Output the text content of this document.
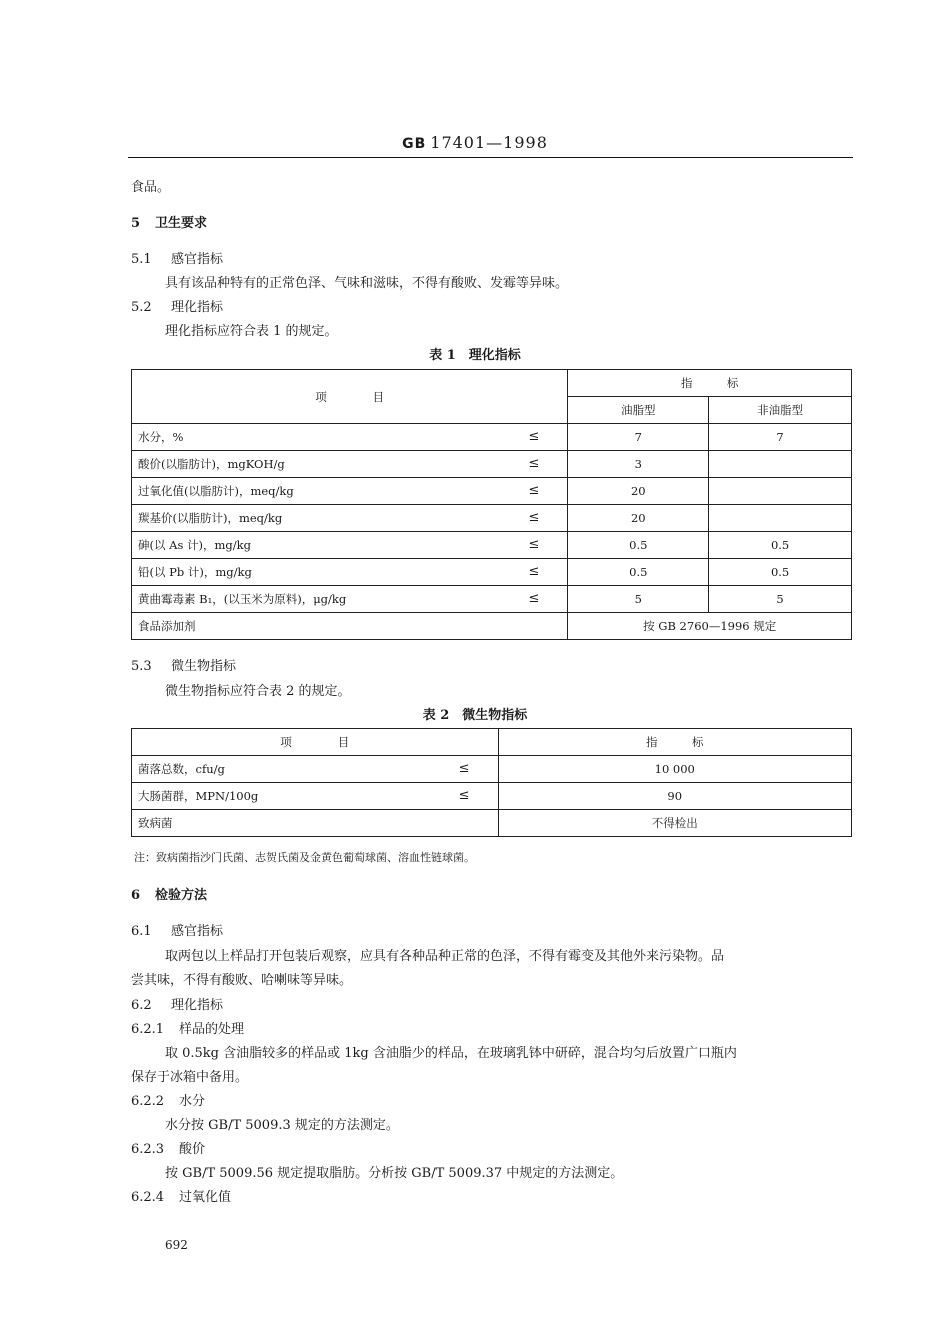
GB 17401—1998
食品。
5 卫生要求
5.1 感官指标
具有该品种特有的正常色泽、气味和滋味，不得有酸败、发霉等异味。
5.2 理化指标
理化指标应符合表 1 的规定。
表 1　理化指标
项　　　　目	指　　　标	
	油脂型	非油脂型
水分，% ≤	7	7
酸价(以脂肪计)，mgKOH/g ≤	3	
过氧化值(以脂肪计)，meq/kg ≤	20	
羰基价(以脂肪计)，meq/kg ≤	20	
砷(以 As 计)，mg/kg ≤	0.5	0.5
铅(以 Pb 计)，mg/kg ≤	0.5	0.5
黄曲霉毒素 B₁，(以玉米为原料)，μg/kg ≤	5	5
食品添加剂	按 GB 2760—1996 规定	
5.3 微生物指标
微生物指标应符合表 2 的规定。
表 2　微生物指标
项　　　　目	指　　　标
菌落总数，cfu/g ≤	10 000
大肠菌群，MPN/100g ≤	90
致病菌	不得检出
注：致病菌指沙门氏菌、志贺氏菌及金黄色葡萄球菌、溶血性链球菌。
6 检验方法
6.1 感官指标
取两包以上样品打开包装后观察，应具有各种品种正常的色泽，不得有霉变及其他外来污染物。品
尝其味，不得有酸败、哈喇味等异味。
6.2 理化指标
6.2.1 样品的处理
取 0.5kg 含油脂较多的样品或 1kg 含油脂少的样品，在玻璃乳钵中研碎，混合均匀后放置广口瓶内
保存于冰箱中备用。
6.2.2 水分
水分按 GB/T 5009.3 规定的方法测定。
6.2.3 酸价
按 GB/T 5009.56 规定提取脂肪。分析按 GB/T 5009.37 中规定的方法测定。
6.2.4 过氧化值
692
